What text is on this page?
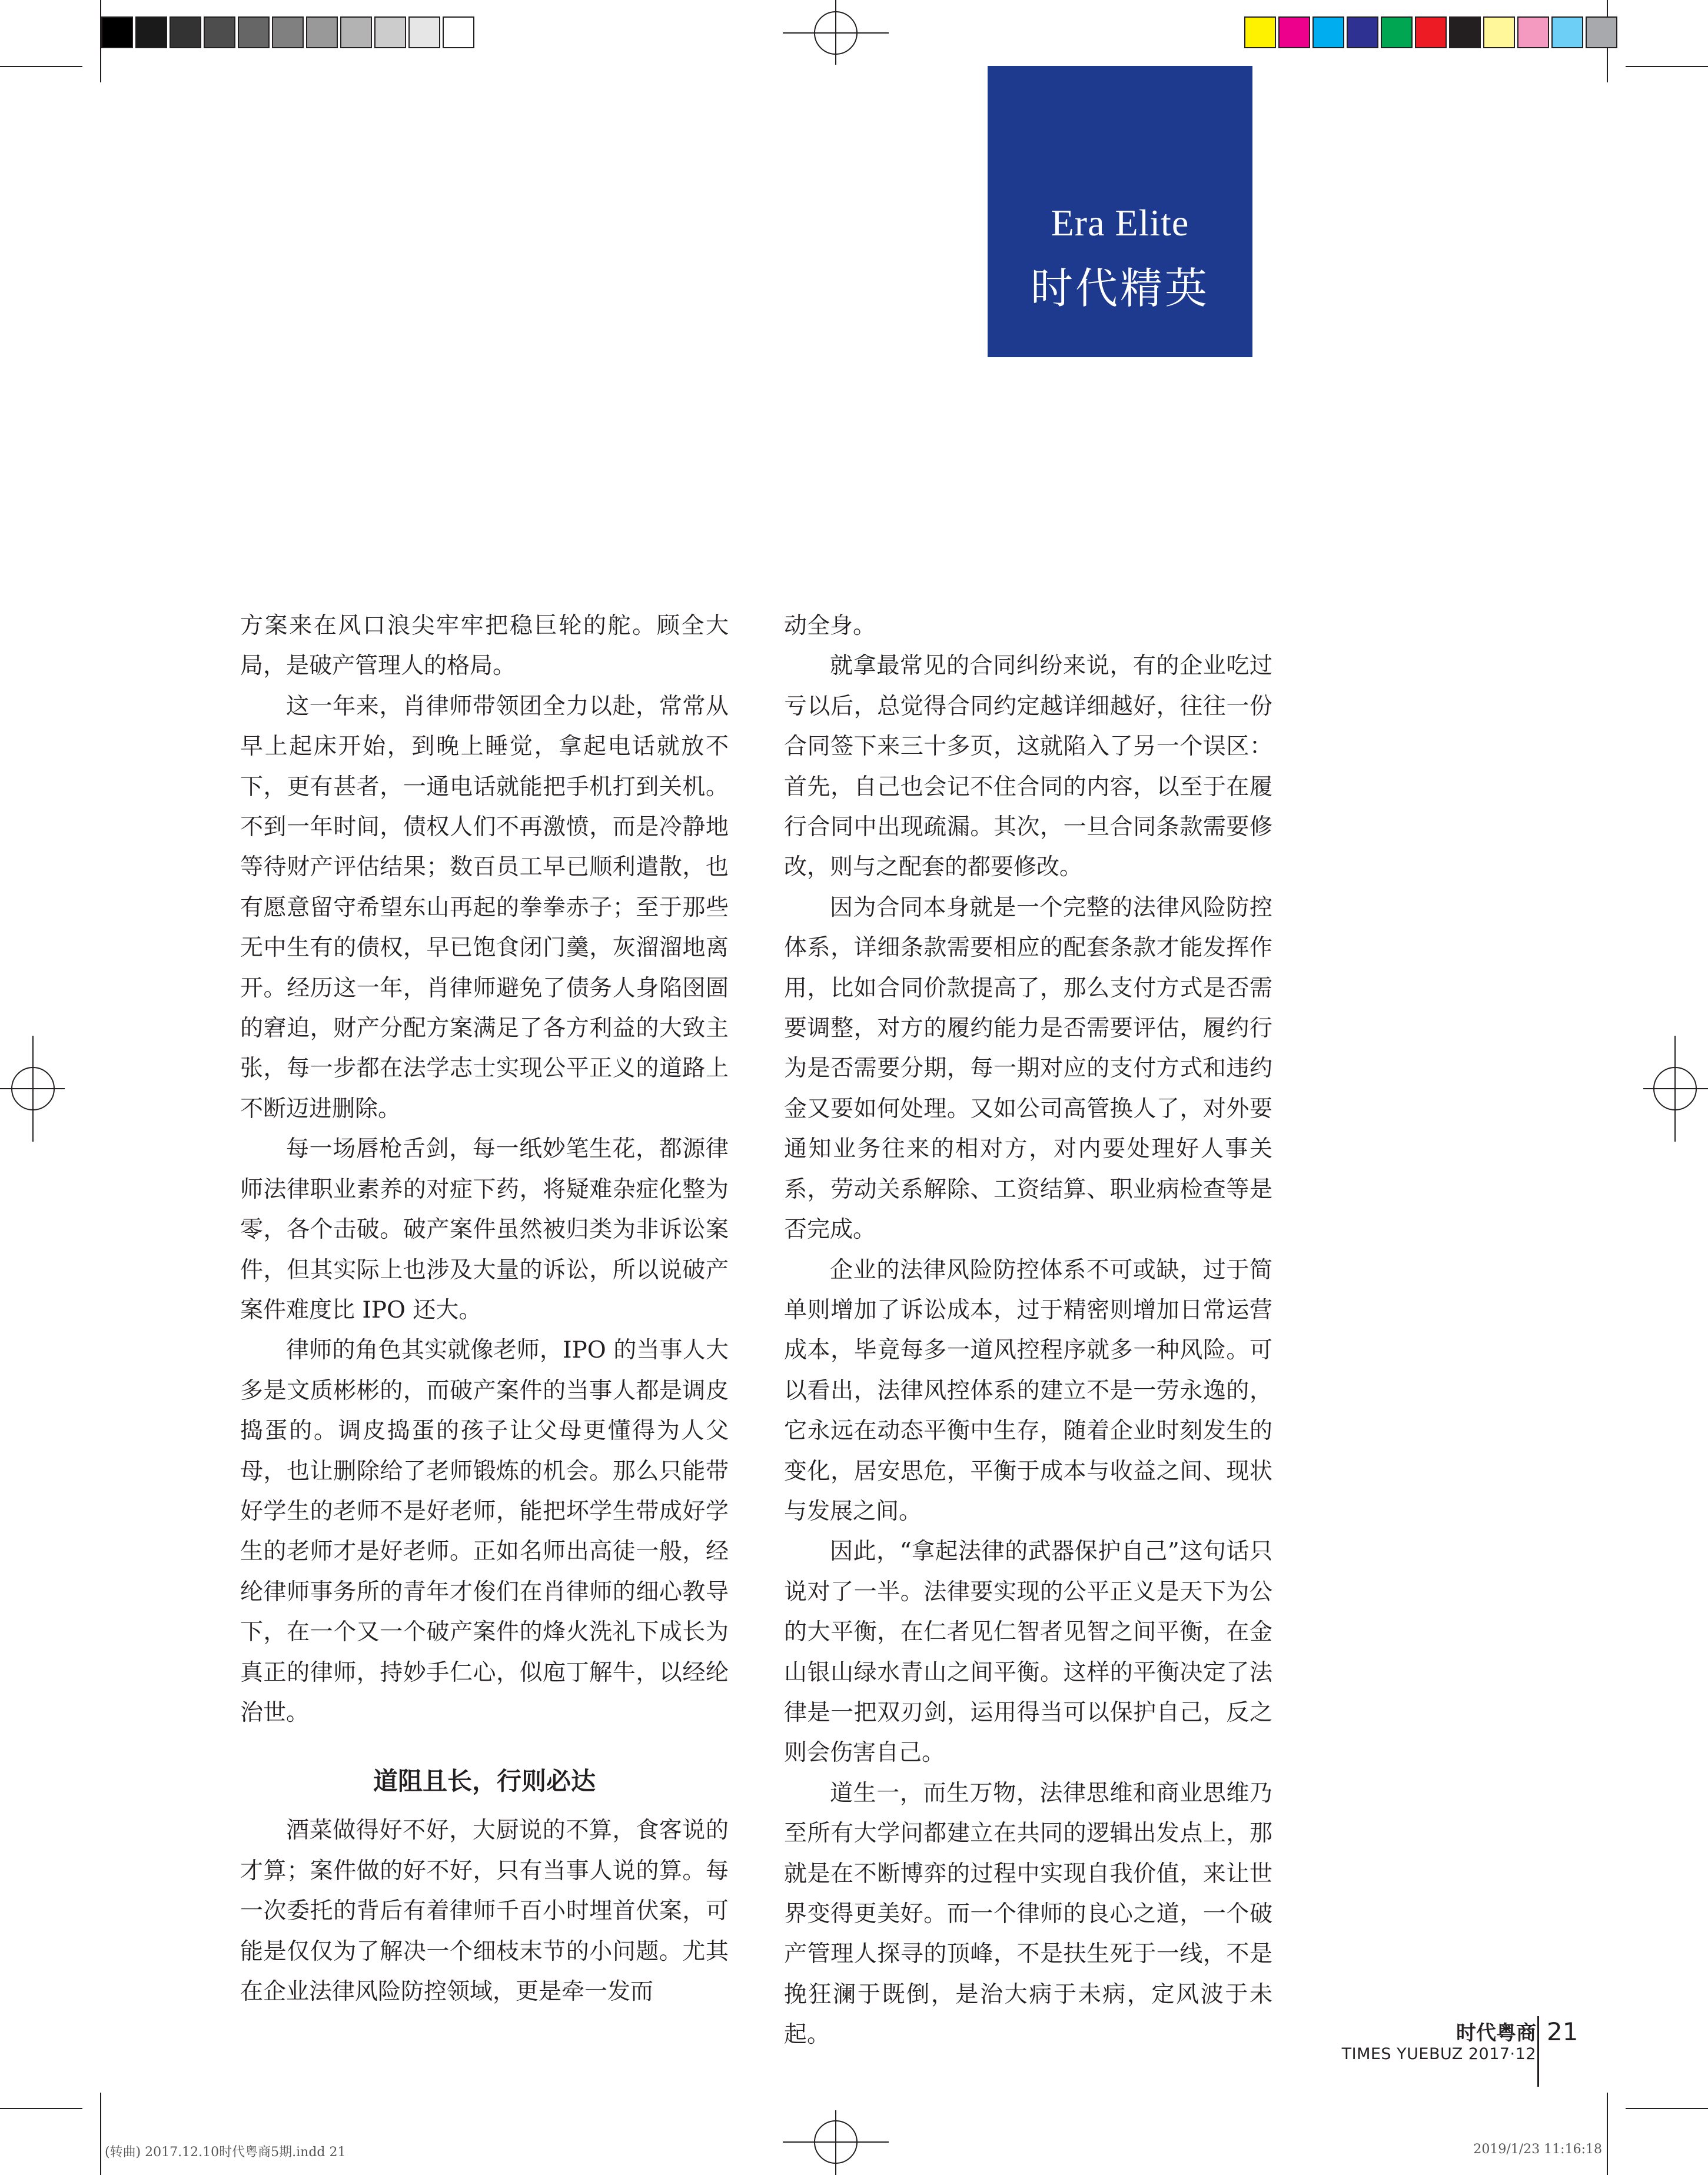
Era Elite
时代精英

方案来在风口浪尖牢牢把稳巨轮的舵。顾全大局，是破产管理人的格局。

这一年来，肖律师带领团全力以赴，常常从早上起床开始，到晚上睡觉，拿起电话就放不下，更有甚者，一通电话就能把手机打到关机。不到一年时间，债权人们不再激愤，而是冷静地等待财产评估结果；数百员工早已顺利遣散，也有愿意留守希望东山再起的拳拳赤子；至于那些无中生有的债权，早已饱食闭门羹，灰溜溜地离开。经历这一年，肖律师避免了债务人身陷囹圄的窘迫，财产分配方案满足了各方利益的大致主张，每一步都在法学志士实现公平正义的道路上不断迈进删除。

每一场唇枪舌剑，每一纸妙笔生花，都源律师法律职业素养的对症下药，将疑难杂症化整为零，各个击破。破产案件虽然被归类为非诉讼案件，但其实际上也涉及大量的诉讼，所以说破产案件难度比 IPO 还大。

律师的角色其实就像老师，IPO 的当事人大多是文质彬彬的，而破产案件的当事人都是调皮捣蛋的。调皮捣蛋的孩子让父母更懂得为人父母，也让删除给了老师锻炼的机会。那么只能带好学生的老师不是好老师，能把坏学生带成好学生的老师才是好老师。正如名师出高徒一般，经纶律师事务所的青年才俊们在肖律师的细心教导下，在一个又一个破产案件的烽火洗礼下成长为真正的律师，持妙手仁心，似庖丁解牛，以经纶治世。

道阻且长，行则必达

酒菜做得好不好，大厨说的不算，食客说的才算；案件做的好不好，只有当事人说的算。每一次委托的背后有着律师千百小时埋首伏案，可能是仅仅为了解决一个细枝末节的小问题。尤其在企业法律风险防控领域，更是牵一发而

动全身。

就拿最常见的合同纠纷来说，有的企业吃过亏以后，总觉得合同约定越详细越好，往往一份合同签下来三十多页，这就陷入了另一个误区：首先，自己也会记不住合同的内容，以至于在履行合同中出现疏漏。其次，一旦合同条款需要修改，则与之配套的都要修改。

因为合同本身就是一个完整的法律风险防控体系，详细条款需要相应的配套条款才能发挥作用，比如合同价款提高了，那么支付方式是否需要调整，对方的履约能力是否需要评估，履约行为是否需要分期，每一期对应的支付方式和违约金又要如何处理。又如公司高管换人了，对外要通知业务往来的相对方，对内要处理好人事关系，劳动关系解除、工资结算、职业病检查等是否完成。

企业的法律风险防控体系不可或缺，过于简单则增加了诉讼成本，过于精密则增加日常运营成本，毕竟每多一道风控程序就多一种风险。可以看出，法律风控体系的建立不是一劳永逸的，它永远在动态平衡中生存，随着企业时刻发生的变化，居安思危，平衡于成本与收益之间、现状与发展之间。

因此，“拿起法律的武器保护自己”这句话只说对了一半。法律要实现的公平正义是天下为公的大平衡，在仁者见仁智者见智之间平衡，在金山银山绿水青山之间平衡。这样的平衡决定了法律是一把双刃剑，运用得当可以保护自己，反之则会伤害自己。

道生一，而生万物，法律思维和商业思维乃至所有大学问都建立在共同的逻辑出发点上，那就是在不断博弈的过程中实现自我价值，来让世界变得更美好。而一个律师的良心之道，一个破产管理人探寻的顶峰，不是扶生死于一线，不是挽狂澜于既倒，是治大病于未病，定风波于未起。	时代粤商
TIMES YUEBUZ 2017·12
21
(转曲) 2017.12.10时代粤商5期.indd 21	2019/1/23 11:16:18
